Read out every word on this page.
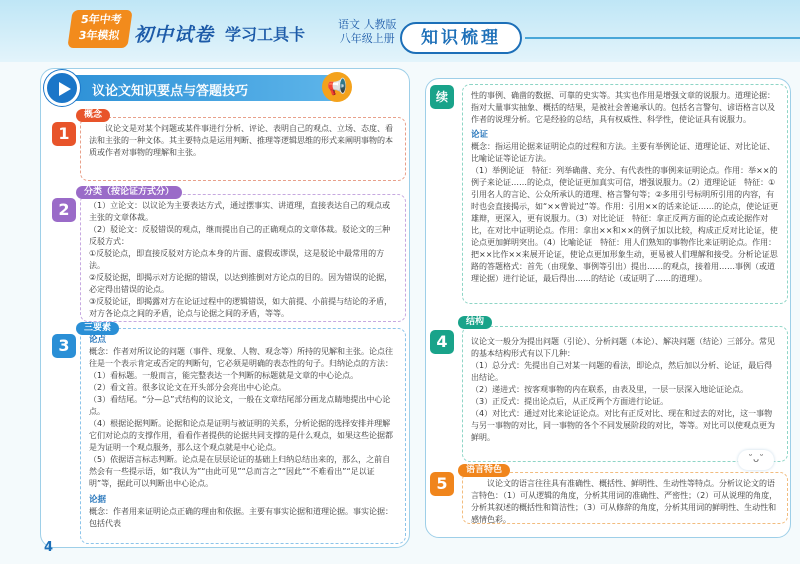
5年中考
3年模拟 初中试卷 学习工具卡
语文 人教版
八年级上册	知识梳理
议论文知识要点与答题技巧	📢

议论文是对某个问题或某件事进行分析、评论、表明自己的观点、立场、态度、看法和主张的一种文体。其主要特点是运用判断、推理等逻辑思维的形式来阐明事物的本质或作者对事物的理解和主张。

1
概念

（1）立论文：以议论为主要表达方式，通过摆事实、讲道理，直接表达自己的观点或主张的文章体裁。

（2）驳论文：反驳错误的观点，继而提出自己的正确观点的文章体裁。驳论文的三种反驳方式：

①反驳论点，即直接反驳对方论点本身的片面、虚假或谬误，这是驳论中最常用的方法。

②反驳论据，即揭示对方论据的错误，以达到推倒对方论点的目的。因为错误的论据，必定得出错误的论点。

③反驳论证，即揭露对方在论证过程中的逻辑错误，如大前提、小前提与结论的矛盾，对方各论点之间的矛盾，论点与论据之间的矛盾，等等。

2
分类（按论证方式分）

论点

概念：作者对所议论的问题（事件、现象、人物、观念等）所持的见解和主张。论点往往是一个表示肯定或否定的判断句，它必须是明确的表态性的句子。归纳论点的方法：

（1）看标题。一般而言，能完整表达一个判断的标题就是文章的中心论点。

（2）看文首。很多议论文在开头部分会亮出中心论点。

（3）看结尾。“分—总”式结构的议论文，一般在文章结尾部分画龙点睛地提出中心论点。

（4）根据论据判断。论据和论点是证明与被证明的关系，分析论据的选择安排并理解它们对论点的支撑作用，看看作者提供的论据共同支撑的是什么观点，如果这些论据都是为证明一个观点服务，那么这个观点就是中心论点。

（5）依据语言标志判断。论点是在层层论证的基础上归纳总结出来的，那么，之前自然会有一些提示语，如“我认为”“由此可见”“总而言之”“因此”“不难看出”“足以证明”等，据此可以判断出中心论点。

论据

概念：作者用来证明论点正确的理由和依据。主要有事实论据和道理论据。事实论据：包括代表

3
三要素

性的事例、确凿的数据、可靠的史实等。其实也作用是增强文章的说服力。道理论据：指对大量事实抽象、概括的结果，是被社会普遍承认的。包括名言警句、谚语格言以及作者的说理分析。它是经验的总结，具有权威性、科学性，使论证具有说服力。

论证

概念：指运用论据来证明论点的过程和方法。主要有举例论证、道理论证、对比论证、比喻论证等论证方法。

（1）举例论证　特征：列举确凿、充分、有代表性的事例来证明论点。作用：举××的例子来论证……的论点，使论证更加真实可信，增强说服力。（2）道理论证　特征：①引用名人的言论、公众所承认的道理、格言警句等；②多用引号标明所引用的内容，有时也会直接揭示，如“××曾说过”等。作用：引用××的话来论证……的论点，使论证更雄辩，更深入，更有说服力。（3）对比论证　特征：拿正反两方面的论点或论据作对比，在对比中证明论点。作用：拿出××和××的例子加以比较，构成正反对比论证，使论点更加鲜明突出。（4）比喻论证　特征：用人们熟知的事物作比来证明论点。作用：把××比作××来展开论证，使论点更加形象生动，更易被人们理解和接受。分析论证思路的答题格式：首先（由现象、事例等引出）提出……的观点，接着用……事例（或道理论据）进行论证，最后得出……的结论（或证明了……的道理）。

续

议论文一般分为提出问题（引论）、分析问题（本论）、解决问题（结论）三部分。常见的基本结构形式有以下几种：

（1）总分式：先提出自己对某一问题的看法，即论点，然后加以分析、论证，最后得出结论。

（2）递进式：按客观事物的内在联系，由表及里，一层一层深入地论证论点。

（3）正反式：提出论点后，从正反两个方面进行论证。

（4）对比式：通过对比来论证论点。对比有正反对比、现在和过去的对比，这一事物与另一事物的对比，同一事物的各个不同发展阶段的对比，等等。对比可以使观点更为鲜明。

4
结构

议论文的语言往往具有准确性、概括性、鲜明性、生动性等特点。分析议论文的语言特色：（1）可从逻辑的角度，分析其用词的准确性、严密性；（2）可从说理的角度，分析其叙述的概括性和简洁性；（3）可从修辞的角度，分析其用词的鲜明性、生动性和感情色彩。

5
语言特色
˘ᴗ˘
4
